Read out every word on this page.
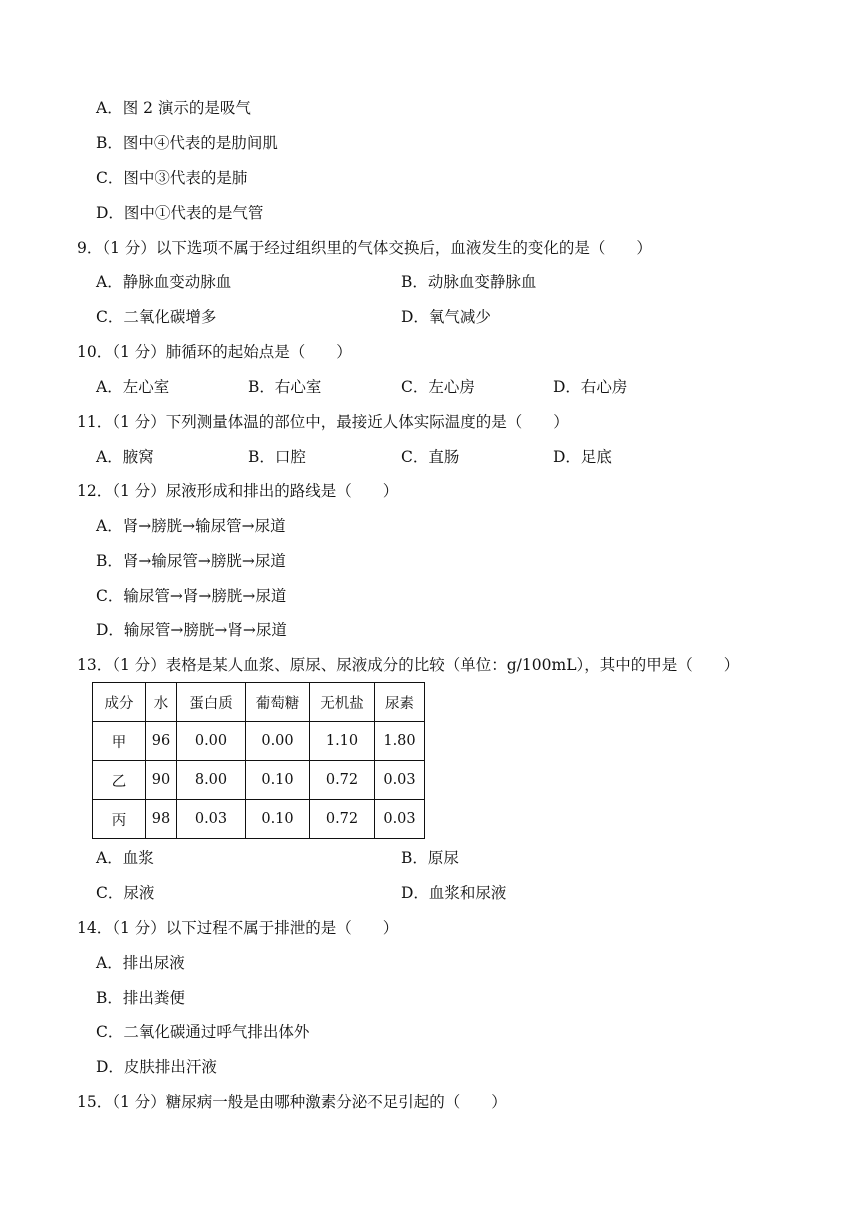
A．图 2 演示的是吸气
B．图中④代表的是肋间肌
C．图中③代表的是肺
D．图中①代表的是气管
9．（1 分）以下选项不属于经过组织里的气体交换后，血液发生的变化的是（　　）
A．静脉血变动脉血	B．动脉血变静脉血
C．二氧化碳增多	D．氧气减少
10．（1 分）肺循环的起始点是（　　）
A．左心室	B．右心室	C．左心房	D．右心房
11．（1 分）下列测量体温的部位中，最接近人体实际温度的是（　　）
A．腋窝	B．口腔	C．直肠	D．足底
12．（1 分）尿液形成和排出的路线是（　　）
A．肾→膀胱→输尿管→尿道
B．肾→输尿管→膀胱→尿道
C．输尿管→肾→膀胱→尿道
D．输尿管→膀胱→肾→尿道
13．（1 分）表格是某人血浆、原尿、尿液成分的比较（单位：g/100mL），其中的甲是（　　）
成分	水	蛋白质	葡萄糖	无机盐	尿素
甲	96	0.00	0.00	1.10	1.80
乙	90	8.00	0.10	0.72	0.03
丙	98	0.03	0.10	0.72	0.03
A．血浆	B．原尿
C．尿液	D．血浆和尿液
14．（1 分）以下过程不属于排泄的是（　　）
A．排出尿液
B．排出粪便
C．二氧化碳通过呼气排出体外
D．皮肤排出汗液
15．（1 分）糖尿病一般是由哪种激素分泌不足引起的（　　）
